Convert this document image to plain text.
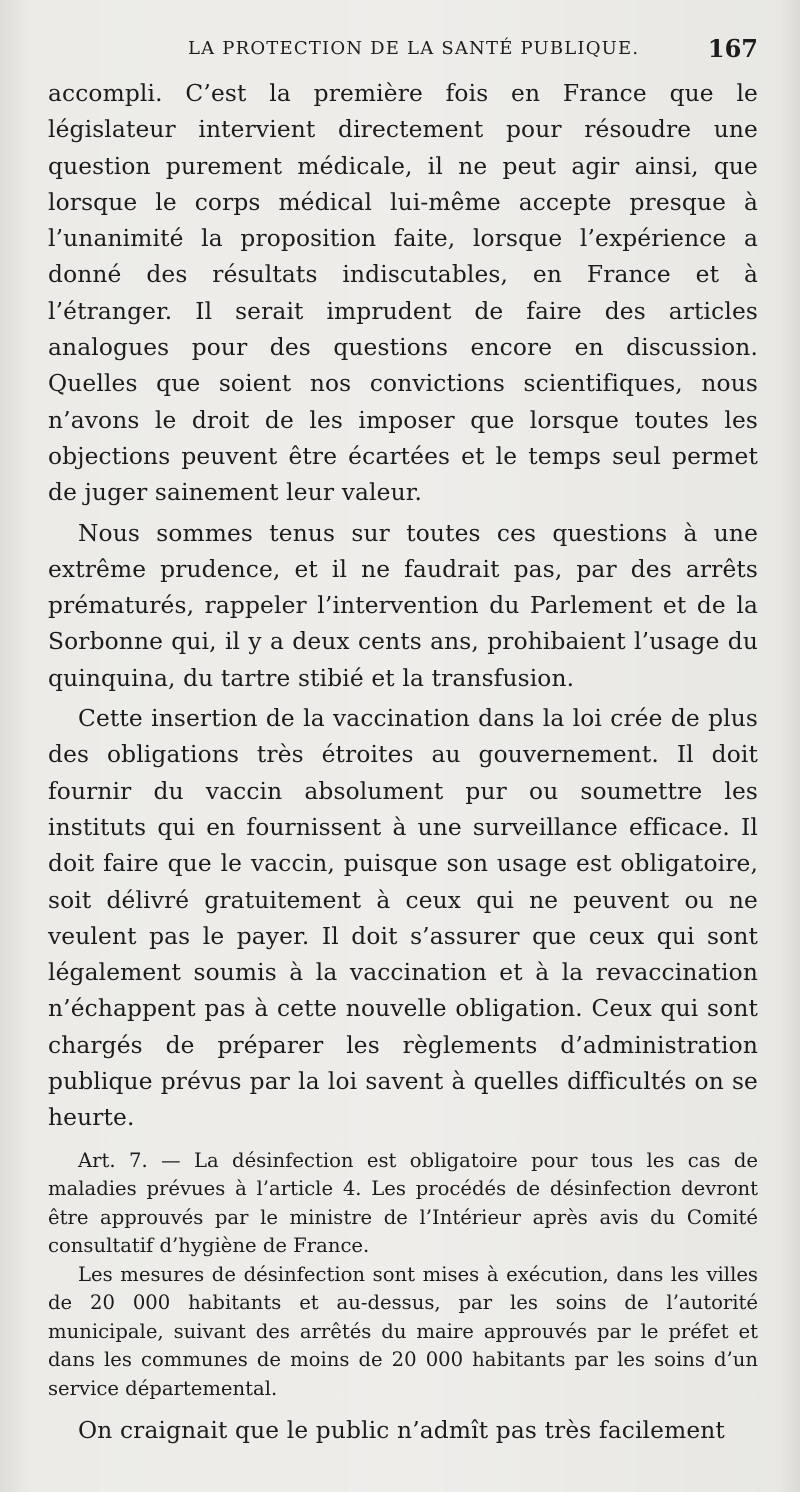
LA PROTECTION DE LA SANTÉ PUBLIQUE.	167

accompli. C’est la première fois en France que le législateur intervient directement pour résoudre une question purement médicale, il ne peut agir ainsi, que lorsque le corps médical lui-même accepte presque à l’unanimité la proposition faite, lorsque l’expérience a donné des résultats indiscutables, en France et à l’étranger. Il serait imprudent de faire des articles analogues pour des questions encore en discussion. Quelles que soient nos convictions scientifiques, nous n’avons le droit de les imposer que lorsque toutes les objections peuvent être écartées et le temps seul permet de juger sainement leur valeur.

Nous sommes tenus sur toutes ces questions à une extrême prudence, et il ne faudrait pas, par des arrêts prématurés, rappeler l’intervention du Parlement et de la Sorbonne qui, il y a deux cents ans, prohibaient l’usage du quinquina, du tartre stibié et la transfusion.

Cette insertion de la vaccination dans la loi crée de plus des obligations très étroites au gouvernement. Il doit fournir du vaccin absolument pur ou soumettre les instituts qui en fournissent à une surveillance efficace. Il doit faire que le vaccin, puisque son usage est obligatoire, soit délivré gratuitement à ceux qui ne peuvent ou ne veulent pas le payer. Il doit s’assurer que ceux qui sont légalement soumis à la vaccination et à la revaccination n’échappent pas à cette nouvelle obligation. Ceux qui sont chargés de préparer les règlements d’administration publique prévus par la loi savent à quelles difficultés on se heurte.

Art. 7. — La désinfection est obligatoire pour tous les cas de maladies prévues à l’article 4. Les procédés de désinfection devront être approuvés par le ministre de l’Intérieur après avis du Comité consultatif d’hygiène de France.

Les mesures de désinfection sont mises à exécution, dans les villes de 20 000 habitants et au-dessus, par les soins de l’autorité municipale, suivant des arrêtés du maire approuvés par le préfet et dans les communes de moins de 20 000 habitants par les soins d’un service départemental.

On craignait que le public n’admît pas très facilement
